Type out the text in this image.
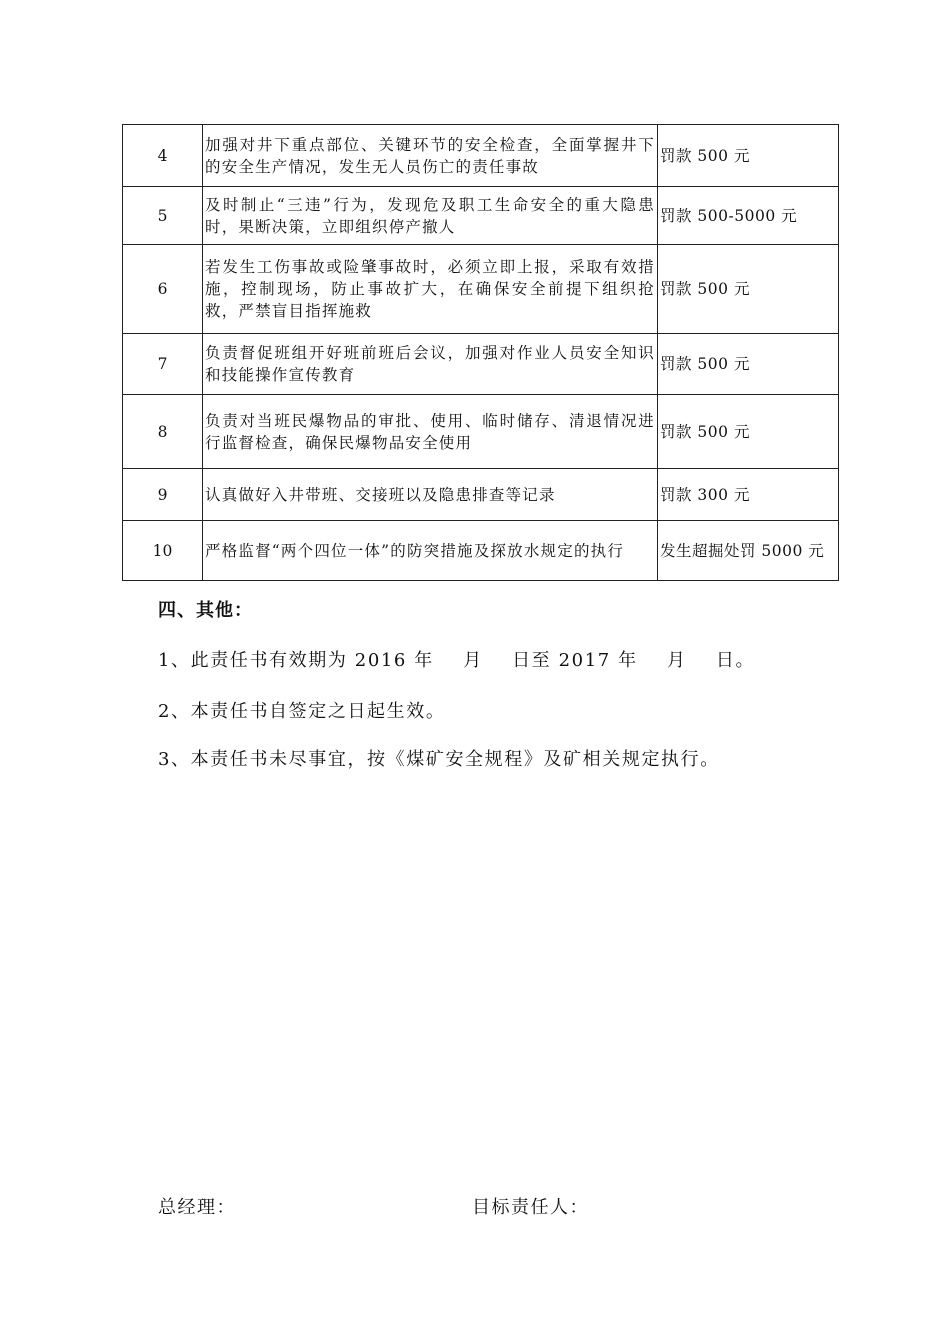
4	加强对井下重点部位、关键环节的安全检查，全面掌握井下的安全生产情况，发生无人员伤亡的责任事故	罚款 500 元
5	及时制止“三违”行为，发现危及职工生命安全的重大隐患时，果断决策，立即组织停产撤人	罚款 500-5000 元
6	若发生工伤事故或险肇事故时，必须立即上报，采取有效措施，控制现场，防止事故扩大，在确保安全前提下组织抢救，严禁盲目指挥施救	罚款 500 元
7	负责督促班组开好班前班后会议，加强对作业人员安全知识和技能操作宣传教育	罚款 500 元
8	负责对当班民爆物品的审批、使用、临时储存、清退情况进行监督检查，确保民爆物品安全使用	罚款 500 元
9	认真做好入井带班、交接班以及隐患排查等记录	罚款 300 元
10	严格监督“两个四位一体”的防突措施及探放水规定的执行	发生超掘处罚 5000 元
四、其他：
1、此责任书有效期为 2016 年    月    日至 2017 年    月    日。
2、本责任书自签定之日起生效。
3、本责任书未尽事宜，按《煤矿安全规程》及矿相关规定执行。
总经理：	目标责任人：
